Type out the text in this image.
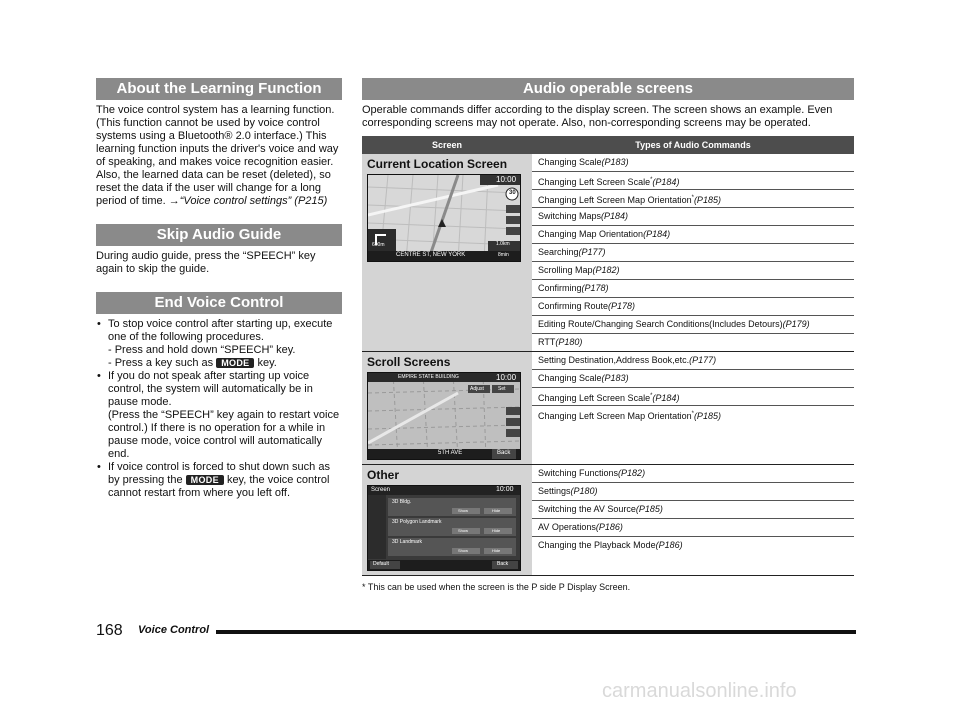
About the Learning Function

The voice control system has a learning function. (This function cannot be used by voice control systems using a Bluetooth® 2.0 interface.) This learning function inputs the driver's voice and way of speaking, and makes voice recognition easier.

Also, the learned data can be reset (deleted), so reset the data if the user will change for a long period of time. →“Voice control settings” (P215)

Skip Audio Guide

During audio guide, press the “SPEECH” key again to skip the guide.

End Voice Control
• To stop voice control after starting up, execute one of the following procedures.
- Press and hold down “SPEECH” key.
- Press a key such as MODE key.
• If you do not speak after starting up voice control, the system will automatically be in pause mode.
(Press the “SPEECH” key again to restart voice control.) If there is no operation for a while in pause mode, voice control will automatically end.
• If voice control is forced to shut down such as by pressing the MODE key, the voice control cannot restart from where you left off.
Audio operable screens

Operable commands differ according to the display screen. The screen shows an example. Even corresponding screens may not operate. Also, non-corresponding screens may be operated.

Screen	Types of Audio Commands
Current Location Screen
10:00
30
600m	1.0km
8min
CENTRE ST, NEW YORK
Changing Scale(P183)
Changing Left Screen Scale*(P184)
Changing Left Screen Map Orientation*(P185)
Switching Maps(P184)
Changing Map Orientation(P184)
Searching(P177)
Scrolling Map(P182)
Confirming(P178)
Confirming Route(P178)
Editing Route/Changing Search Conditions(Includes Detours)(P179)
RTT(P180)
Scroll Screens
EMPIRE STATE BUILDING	10:00
Adjust	Set
5TH AVE	Back
Setting Destination,Address Book,etc.(P177)
Changing Scale(P183)
Changing Left Screen Scale*(P184)
Changing Left Screen Map Orientation*(P185)
Other
Screen	10:00
3D Bldg.
3D Polygon Landmark
3D Landmark
Show	Hide
Show	Hide
Show	Hide
Default	Back
Switching Functions(P182)
Settings(P180)
Switching the AV Source(P185)
AV Operations(P186)
Changing the Playback Mode(P186)
* This can be used when the screen is the P side P Display Screen.
168 Voice Control
carmanualsonline.info
